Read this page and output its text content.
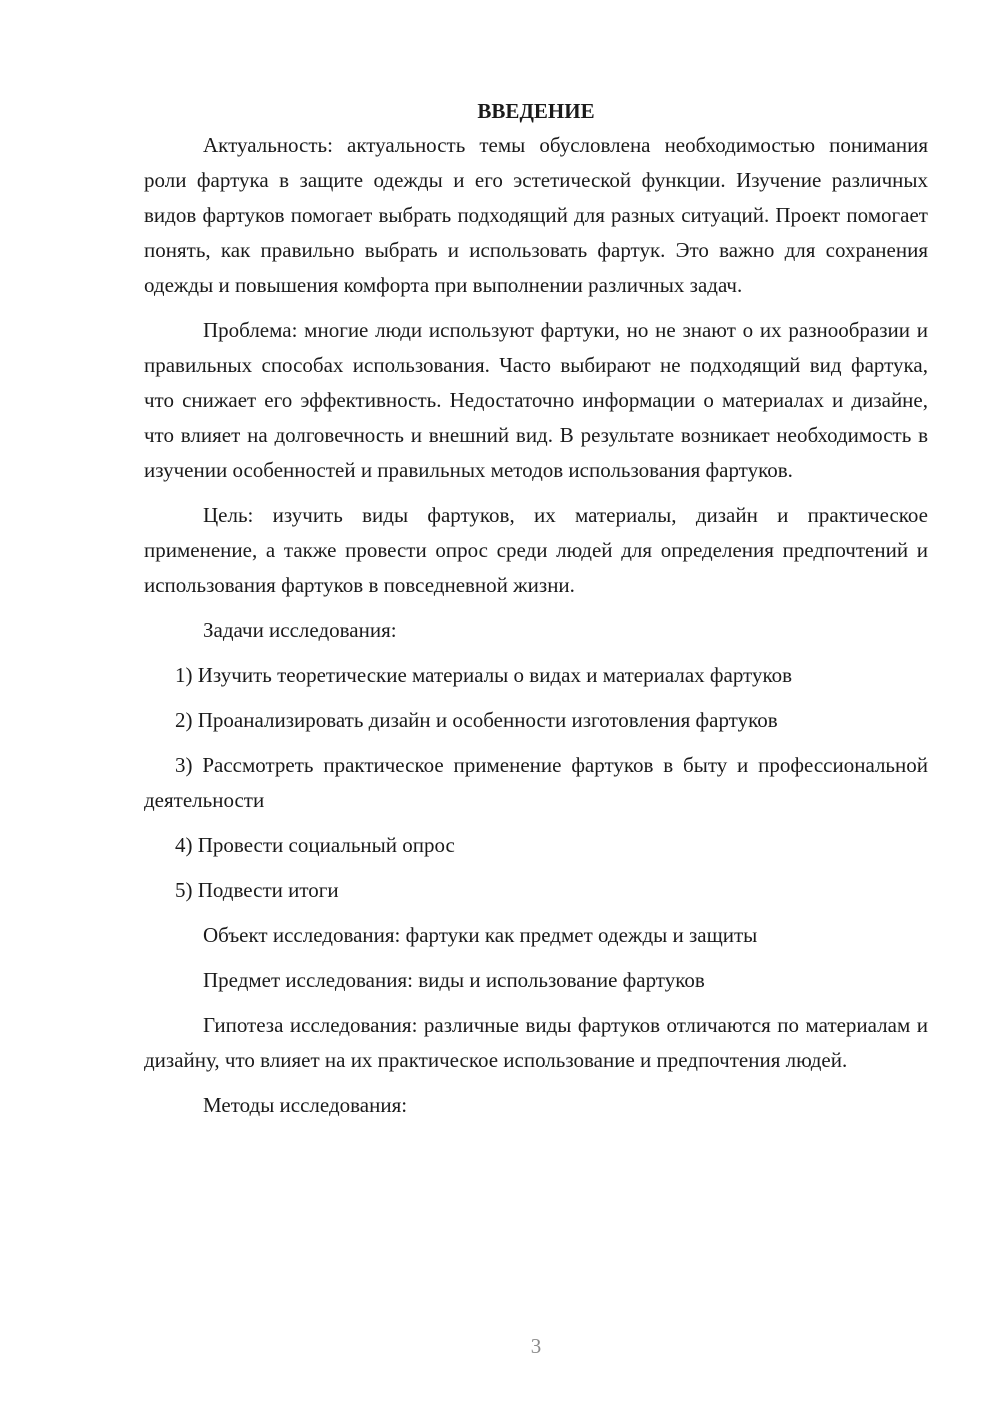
ВВЕДЕНИЕ

Актуальность: актуальность темы обусловлена необходимостью понимания роли фартука в защите одежды и его эстетической функции. Изучение различных видов фартуков помогает выбрать подходящий для разных ситуаций. Проект помогает понять, как правильно выбрать и использовать фартук. Это важно для сохранения одежды и повышения комфорта при выполнении различных задач.

Проблема: многие люди используют фартуки, но не знают о их разнообразии и правильных способах использования. Часто выбирают не подходящий вид фартука, что снижает его эффективность. Недостаточно информации о материалах и дизайне, что влияет на долговечность и внешний вид. В результате возникает необходимость в изучении особенностей и правильных методов использования фартуков.

Цель: изучить виды фартуков, их материалы, дизайн и практическое применение, а также провести опрос среди людей для определения предпочтений и использования фартуков в повседневной жизни.

Задачи исследования:

1) Изучить теоретические материалы о видах и материалах фартуков

2) Проанализировать дизайн и особенности изготовления фартуков

3) Рассмотреть практическое применение фартуков в быту и профессиональной деятельности

4) Провести социальный опрос

5) Подвести итоги

Объект исследования: фартуки как предмет одежды и защиты

Предмет исследования: виды и использование фартуков

Гипотеза исследования: различные виды фартуков отличаются по материалам и дизайну, что влияет на их практическое использование и предпочтения людей.

Методы исследования:

3
